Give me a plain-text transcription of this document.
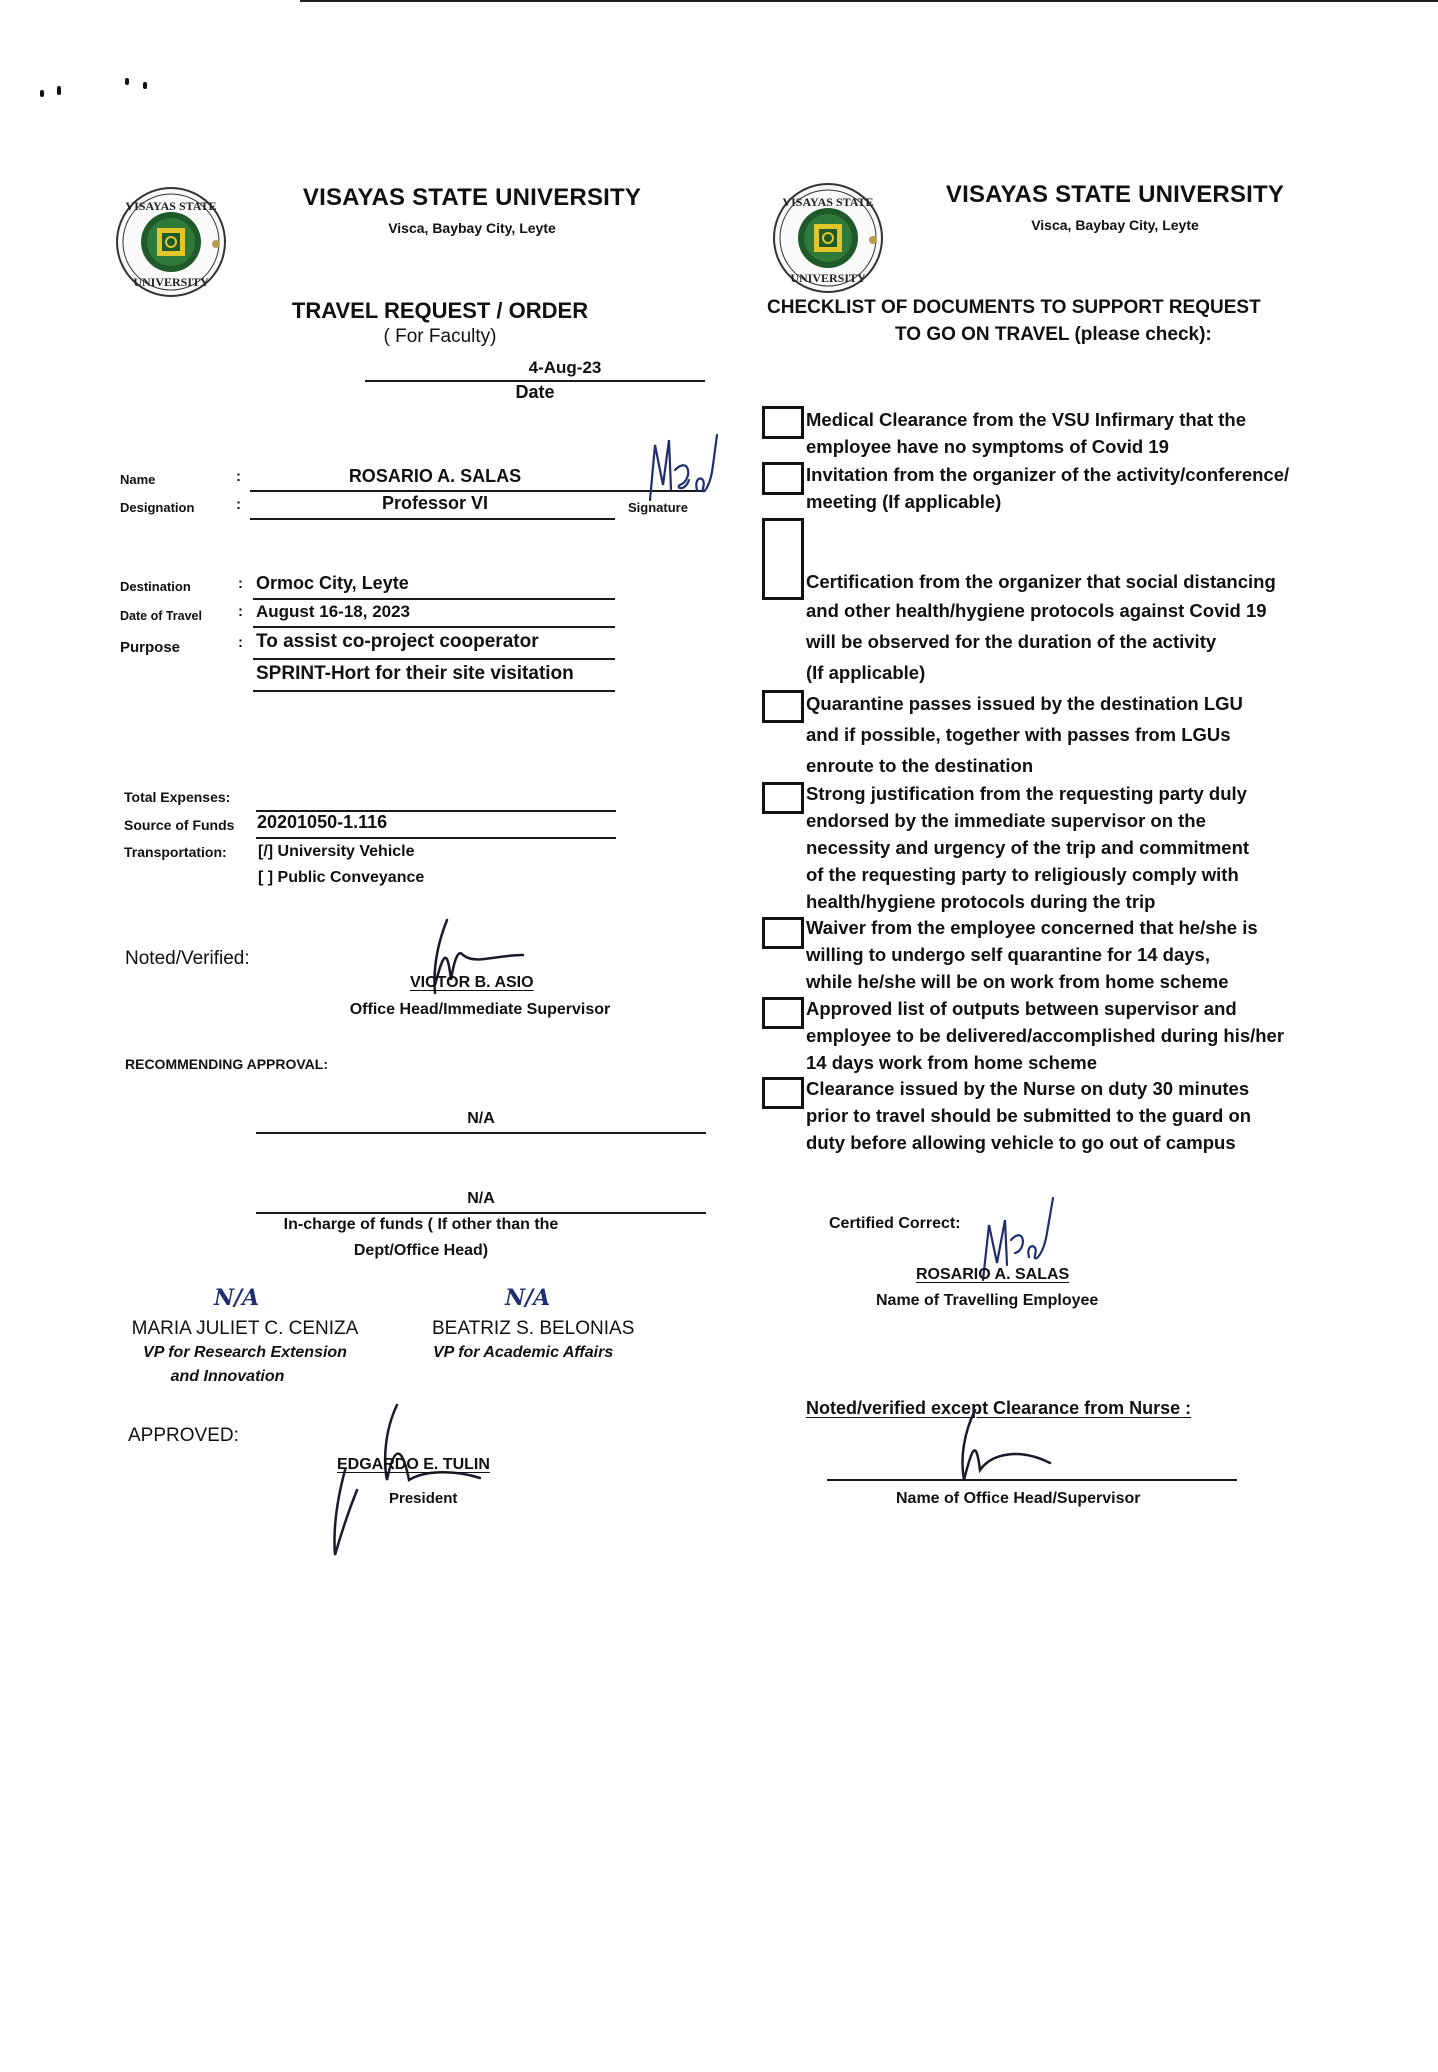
VISAYAS STATE
UNIVERSITY
VISAYAS STATE UNIVERSITY
Visca, Baybay City, Leyte
TRAVEL REQUEST / ORDER
( For Faculty)
4-Aug-23
Date
Name	:	ROSARIO A. SALAS
Designation	:	Professor VI	Signature
Destination	: Ormoc City, Leyte
Date of Travel : August 16-18, 2023
Purpose	: To assist co-project cooperator
SPRINT-Hort for their site visitation
Total Expenses:
Source of Funds 20201050-1.116
Transportation: [/] University Vehicle
[ ] Public Conveyance
Noted/Verified:
VICTOR B. ASIO
Office Head/Immediate Supervisor
RECOMMENDING APPROVAL:
N/A
N/A
In-charge of funds ( If other than the
Dept/Office Head)
N/A
MARIA JULIET C. CENIZA
VP for Research Extension
and Innovation
N/A
BEATRIZ S. BELONIAS
VP for Academic Affairs
APPROVED:
EDGARDO E. TULIN
President
VISAYAS STATE
UNIVERSITY
VISAYAS STATE UNIVERSITY
Visca, Baybay City, Leyte
CHECKLIST OF DOCUMENTS TO SUPPORT REQUEST
TO GO ON TRAVEL (please check):
Medical Clearance from the VSU Infirmary that the
employee have no symptoms of Covid 19
Invitation from the organizer of the activity/conference/
meeting (If applicable)
Certification from the organizer that social distancing
and other health/hygiene protocols against Covid 19
will be observed for the duration of the activity
(If applicable)
Quarantine passes issued by the destination LGU
and if possible, together with passes from LGUs
enroute to the destination
Strong justification from the requesting party duly
endorsed by the immediate supervisor on the
necessity and urgency of the trip and commitment
of the requesting party to religiously comply with
health/hygiene protocols during the trip
Waiver from the employee concerned that he/she is
willing to undergo self quarantine for 14 days,
while he/she will be on work from home scheme
Approved list of outputs between supervisor and
employee to be delivered/accomplished during his/her
14 days work from home scheme
Clearance issued by the Nurse on duty 30 minutes
prior to travel should be submitted to the guard on
duty before allowing vehicle to go out of campus
Certified Correct:
ROSARIO A. SALAS
Name of Travelling Employee
Noted/verified except Clearance from Nurse :
Name of Office Head/Supervisor
